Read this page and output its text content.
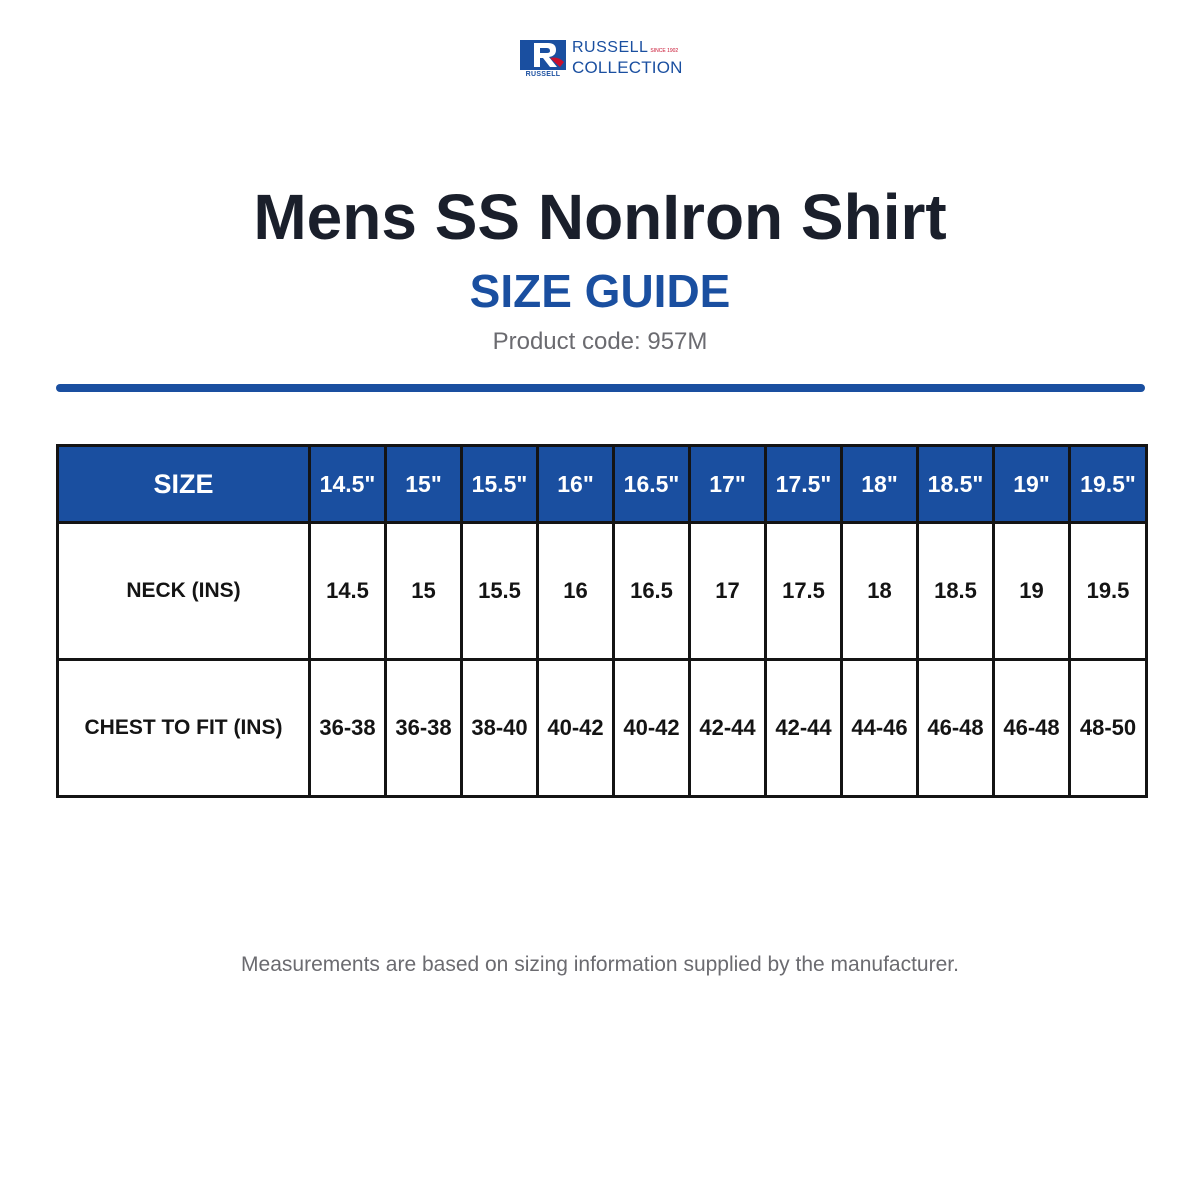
RUSSELL
RUSSELL SINCE 1902
COLLECTION
Mens SS NonIron Shirt
SIZE GUIDE
Product code: 957M
SIZE	14.5"	15"	15.5"	16"	16.5"	17"	17.5"	18"	18.5"	19"	19.5"
NECK (INS)	14.5	15	15.5	16	16.5	17	17.5	18	18.5	19	19.5
CHEST TO FIT (INS)	36-38	36-38	38-40	40-42	40-42	42-44	42-44	44-46	46-48	46-48	48-50
Measurements are based on sizing information supplied by the manufacturer.
